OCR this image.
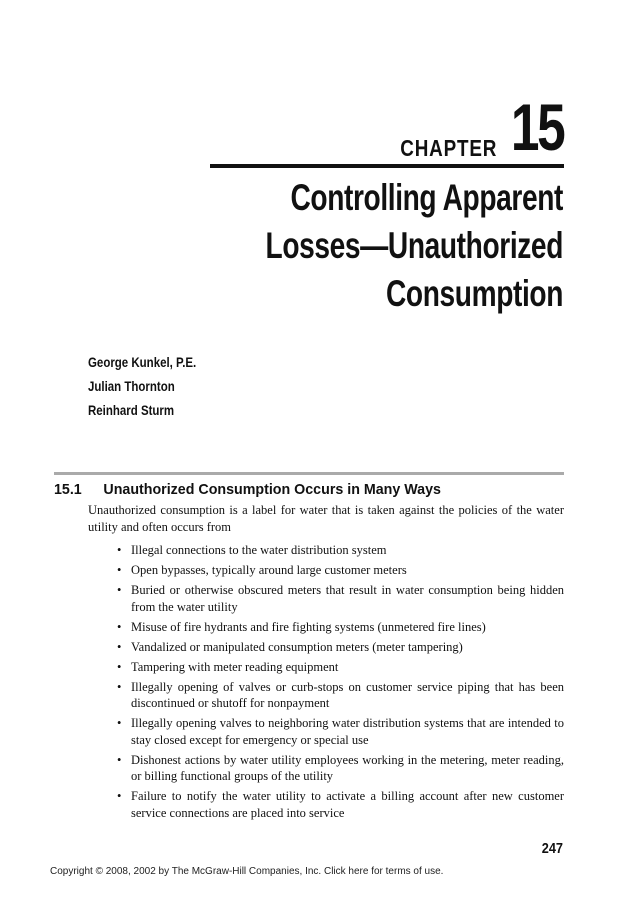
CHAPTER 15
Controlling Apparent
Losses—Unauthorized
Consumption
George Kunkel, P.E.
Julian Thornton
Reinhard Sturm
15.1 Unauthorized Consumption Occurs in Many Ways
Unauthorized consumption is a label for water that is taken against the policies of the water utility and often occurs from
• Illegal connections to the water distribution system
• Open bypasses, typically around large customer meters
• Buried or otherwise obscured meters that result in water consumption being hidden from the water utility
• Misuse of fire hydrants and fire fighting systems (unmetered fire lines)
• Vandalized or manipulated consumption meters (meter tampering)
• Tampering with meter reading equipment
• Illegally opening of valves or curb-stops on customer service piping that has been discontinued or shutoff for nonpayment
• Illegally opening valves to neighboring water distribution systems that are intended to stay closed except for emergency or special use
• Dishonest actions by water utility employees working in the metering, meter reading, or billing functional groups of the utility
• Failure to notify the water utility to activate a billing account after new customer service connections are placed into service
247
Copyright © 2008, 2002 by The McGraw-Hill Companies, Inc. Click here for terms of use.
